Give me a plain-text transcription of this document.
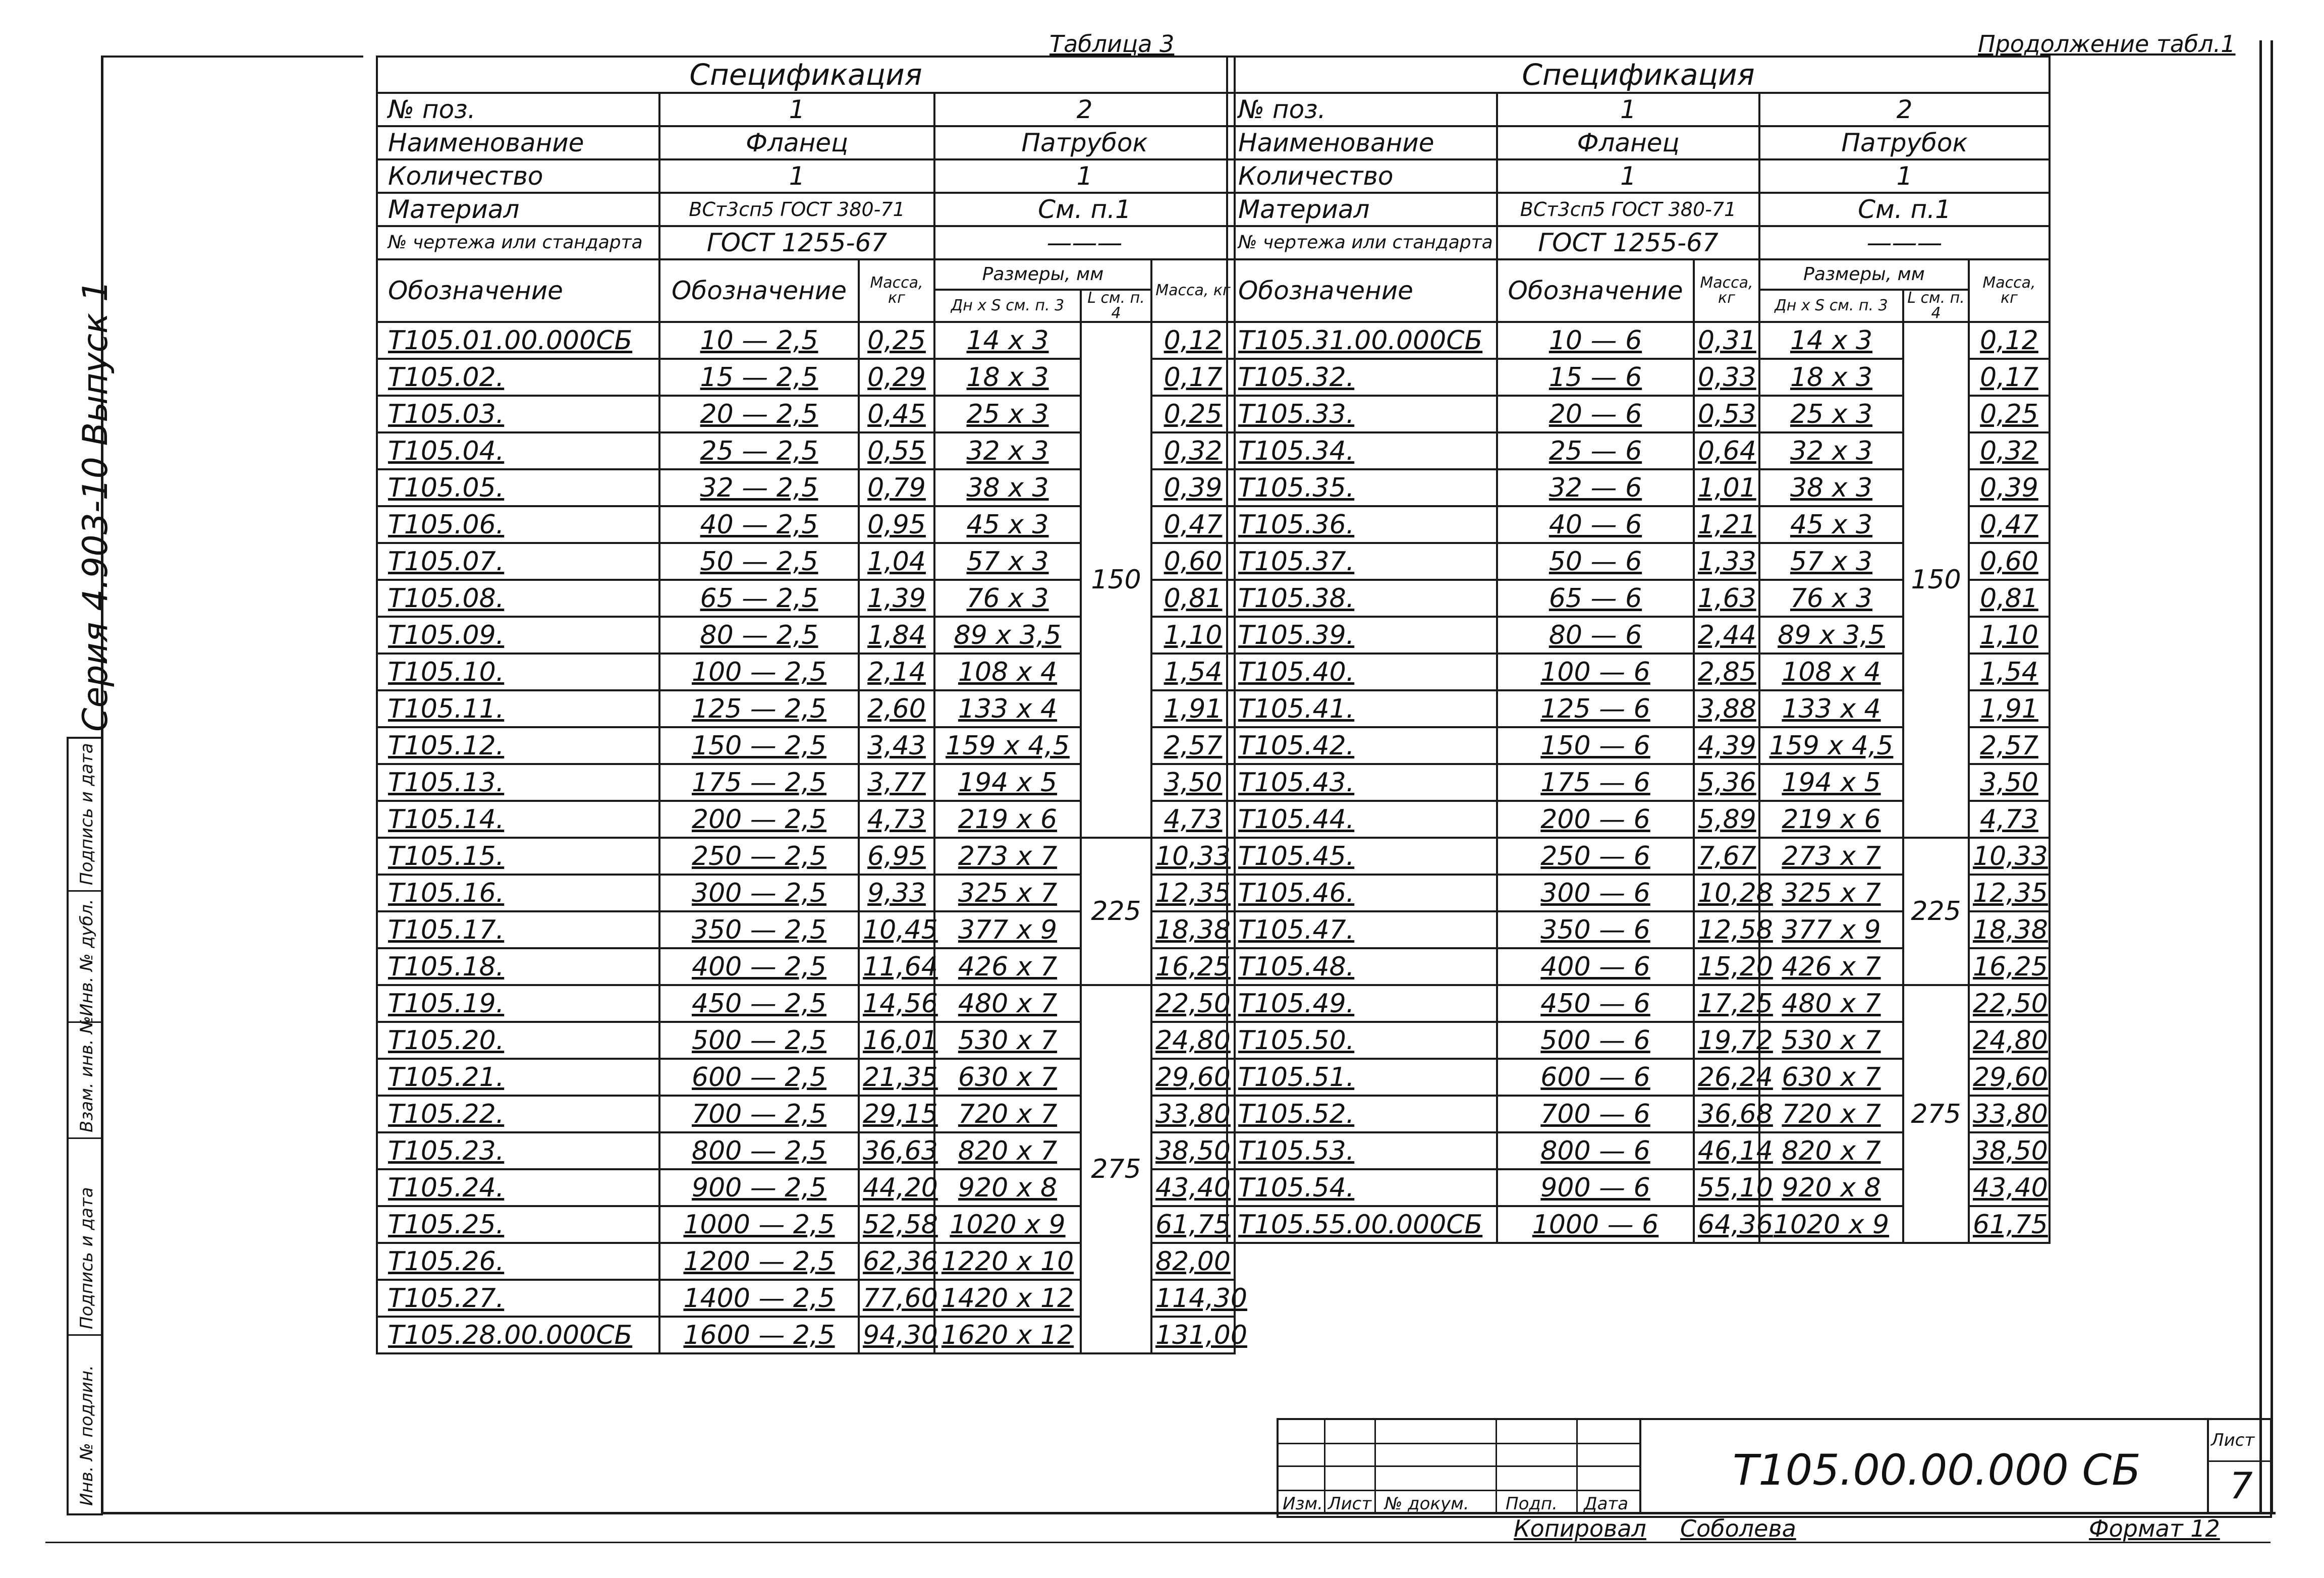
Инв. № подлин.
Подпись и дата
Взам. инв. №
Инв. № дубл.
Подпись и дата
Серия 4.903-10 Выпуск 1
Таблица 3	Продолжение табл.1
Спецификация					
№ поз.	1		2		
Наименование	Фланец		Патрубок		
Количество	1		1		
Материал	ВСт3сп5 ГОСТ 380-71		См. п.1		
№ чертежа или стандарта	ГОСТ 1255-67		———		
Обозначение	Обозначение	Масса, кг	Размеры, мм		Масса, кг
			Дн х S см. п. 3	L см. п. 4	
Т105.01.00.000СБ	10 — 2,5	0,25	14 х 3	150	0,12
Т105.02.	15 — 2,5	0,29	18 х 3		0,17
Т105.03.	20 — 2,5	0,45	25 х 3		0,25
Т105.04.	25 — 2,5	0,55	32 х 3		0,32
Т105.05.	32 — 2,5	0,79	38 х 3		0,39
Т105.06.	40 — 2,5	0,95	45 х 3		0,47
Т105.07.	50 — 2,5	1,04	57 х 3		0,60
Т105.08.	65 — 2,5	1,39	76 х 3		0,81
Т105.09.	80 — 2,5	1,84	89 х 3,5		1,10
Т105.10.	100 — 2,5	2,14	108 х 4		1,54
Т105.11.	125 — 2,5	2,60	133 х 4		1,91
Т105.12.	150 — 2,5	3,43	159 х 4,5		2,57
Т105.13.	175 — 2,5	3,77	194 х 5		3,50
Т105.14.	200 — 2,5	4,73	219 х 6		4,73
Т105.15.	250 — 2,5	6,95	273 х 7	225	10,33
Т105.16.	300 — 2,5	9,33	325 х 7		12,35
Т105.17.	350 — 2,5	10,45	377 х 9		18,38
Т105.18.	400 — 2,5	11,64	426 х 7		16,25
Т105.19.	450 — 2,5	14,56	480 х 7	275	22,50
Т105.20.	500 — 2,5	16,01	530 х 7		24,80
Т105.21.	600 — 2,5	21,35	630 х 7		29,60
Т105.22.	700 — 2,5	29,15	720 х 7		33,80
Т105.23.	800 — 2,5	36,63	820 х 7		38,50
Т105.24.	900 — 2,5	44,20	920 х 8		43,40
Т105.25.	1000 — 2,5	52,58	1020 х 9		61,75
Т105.26.	1200 — 2,5	62,36	1220 х 10		82,00
Т105.27.	1400 — 2,5	77,60	1420 х 12		114,30
Т105.28.00.000СБ	1600 — 2,5	94,30	1620 х 12		131,00
Спецификация					
№ поз.	1		2		
Наименование	Фланец		Патрубок		
Количество	1		1		
Материал	ВСт3сп5 ГОСТ 380-71		См. п.1		
№ чертежа или стандарта	ГОСТ 1255-67		———		
Обозначение	Обозначение	Масса, кг	Размеры, мм		Масса, кг
			Дн х S см. п. 3	L см. п. 4	
Т105.31.00.000СБ	10 — 6	0,31	14 х 3	150	0,12
Т105.32.	15 — 6	0,33	18 х 3		0,17
Т105.33.	20 — 6	0,53	25 х 3		0,25
Т105.34.	25 — 6	0,64	32 х 3		0,32
Т105.35.	32 — 6	1,01	38 х 3		0,39
Т105.36.	40 — 6	1,21	45 х 3		0,47
Т105.37.	50 — 6	1,33	57 х 3		0,60
Т105.38.	65 — 6	1,63	76 х 3		0,81
Т105.39.	80 — 6	2,44	89 х 3,5		1,10
Т105.40.	100 — 6	2,85	108 х 4		1,54
Т105.41.	125 — 6	3,88	133 х 4		1,91
Т105.42.	150 — 6	4,39	159 х 4,5		2,57
Т105.43.	175 — 6	5,36	194 х 5		3,50
Т105.44.	200 — 6	5,89	219 х 6		4,73
Т105.45.	250 — 6	7,67	273 х 7	225	10,33
Т105.46.	300 — 6	10,28	325 х 7		12,35
Т105.47.	350 — 6	12,58	377 х 9		18,38
Т105.48.	400 — 6	15,20	426 х 7		16,25
Т105.49.	450 — 6	17,25	480 х 7	275	22,50
Т105.50.	500 — 6	19,72	530 х 7		24,80
Т105.51.	600 — 6	26,24	630 х 7		29,60
Т105.52.	700 — 6	36,68	720 х 7		33,80
Т105.53.	800 — 6	46,14	820 х 7		38,50
Т105.54.	900 — 6	55,10	920 х 8		43,40
Т105.55.00.000СБ	1000 — 6	64,36	1020 х 9		61,75
Изм. Лист № докум. Подп. Дата
Т105.00.00.000 СБ
Лист
7
Копировал Соболева	Формат 12
